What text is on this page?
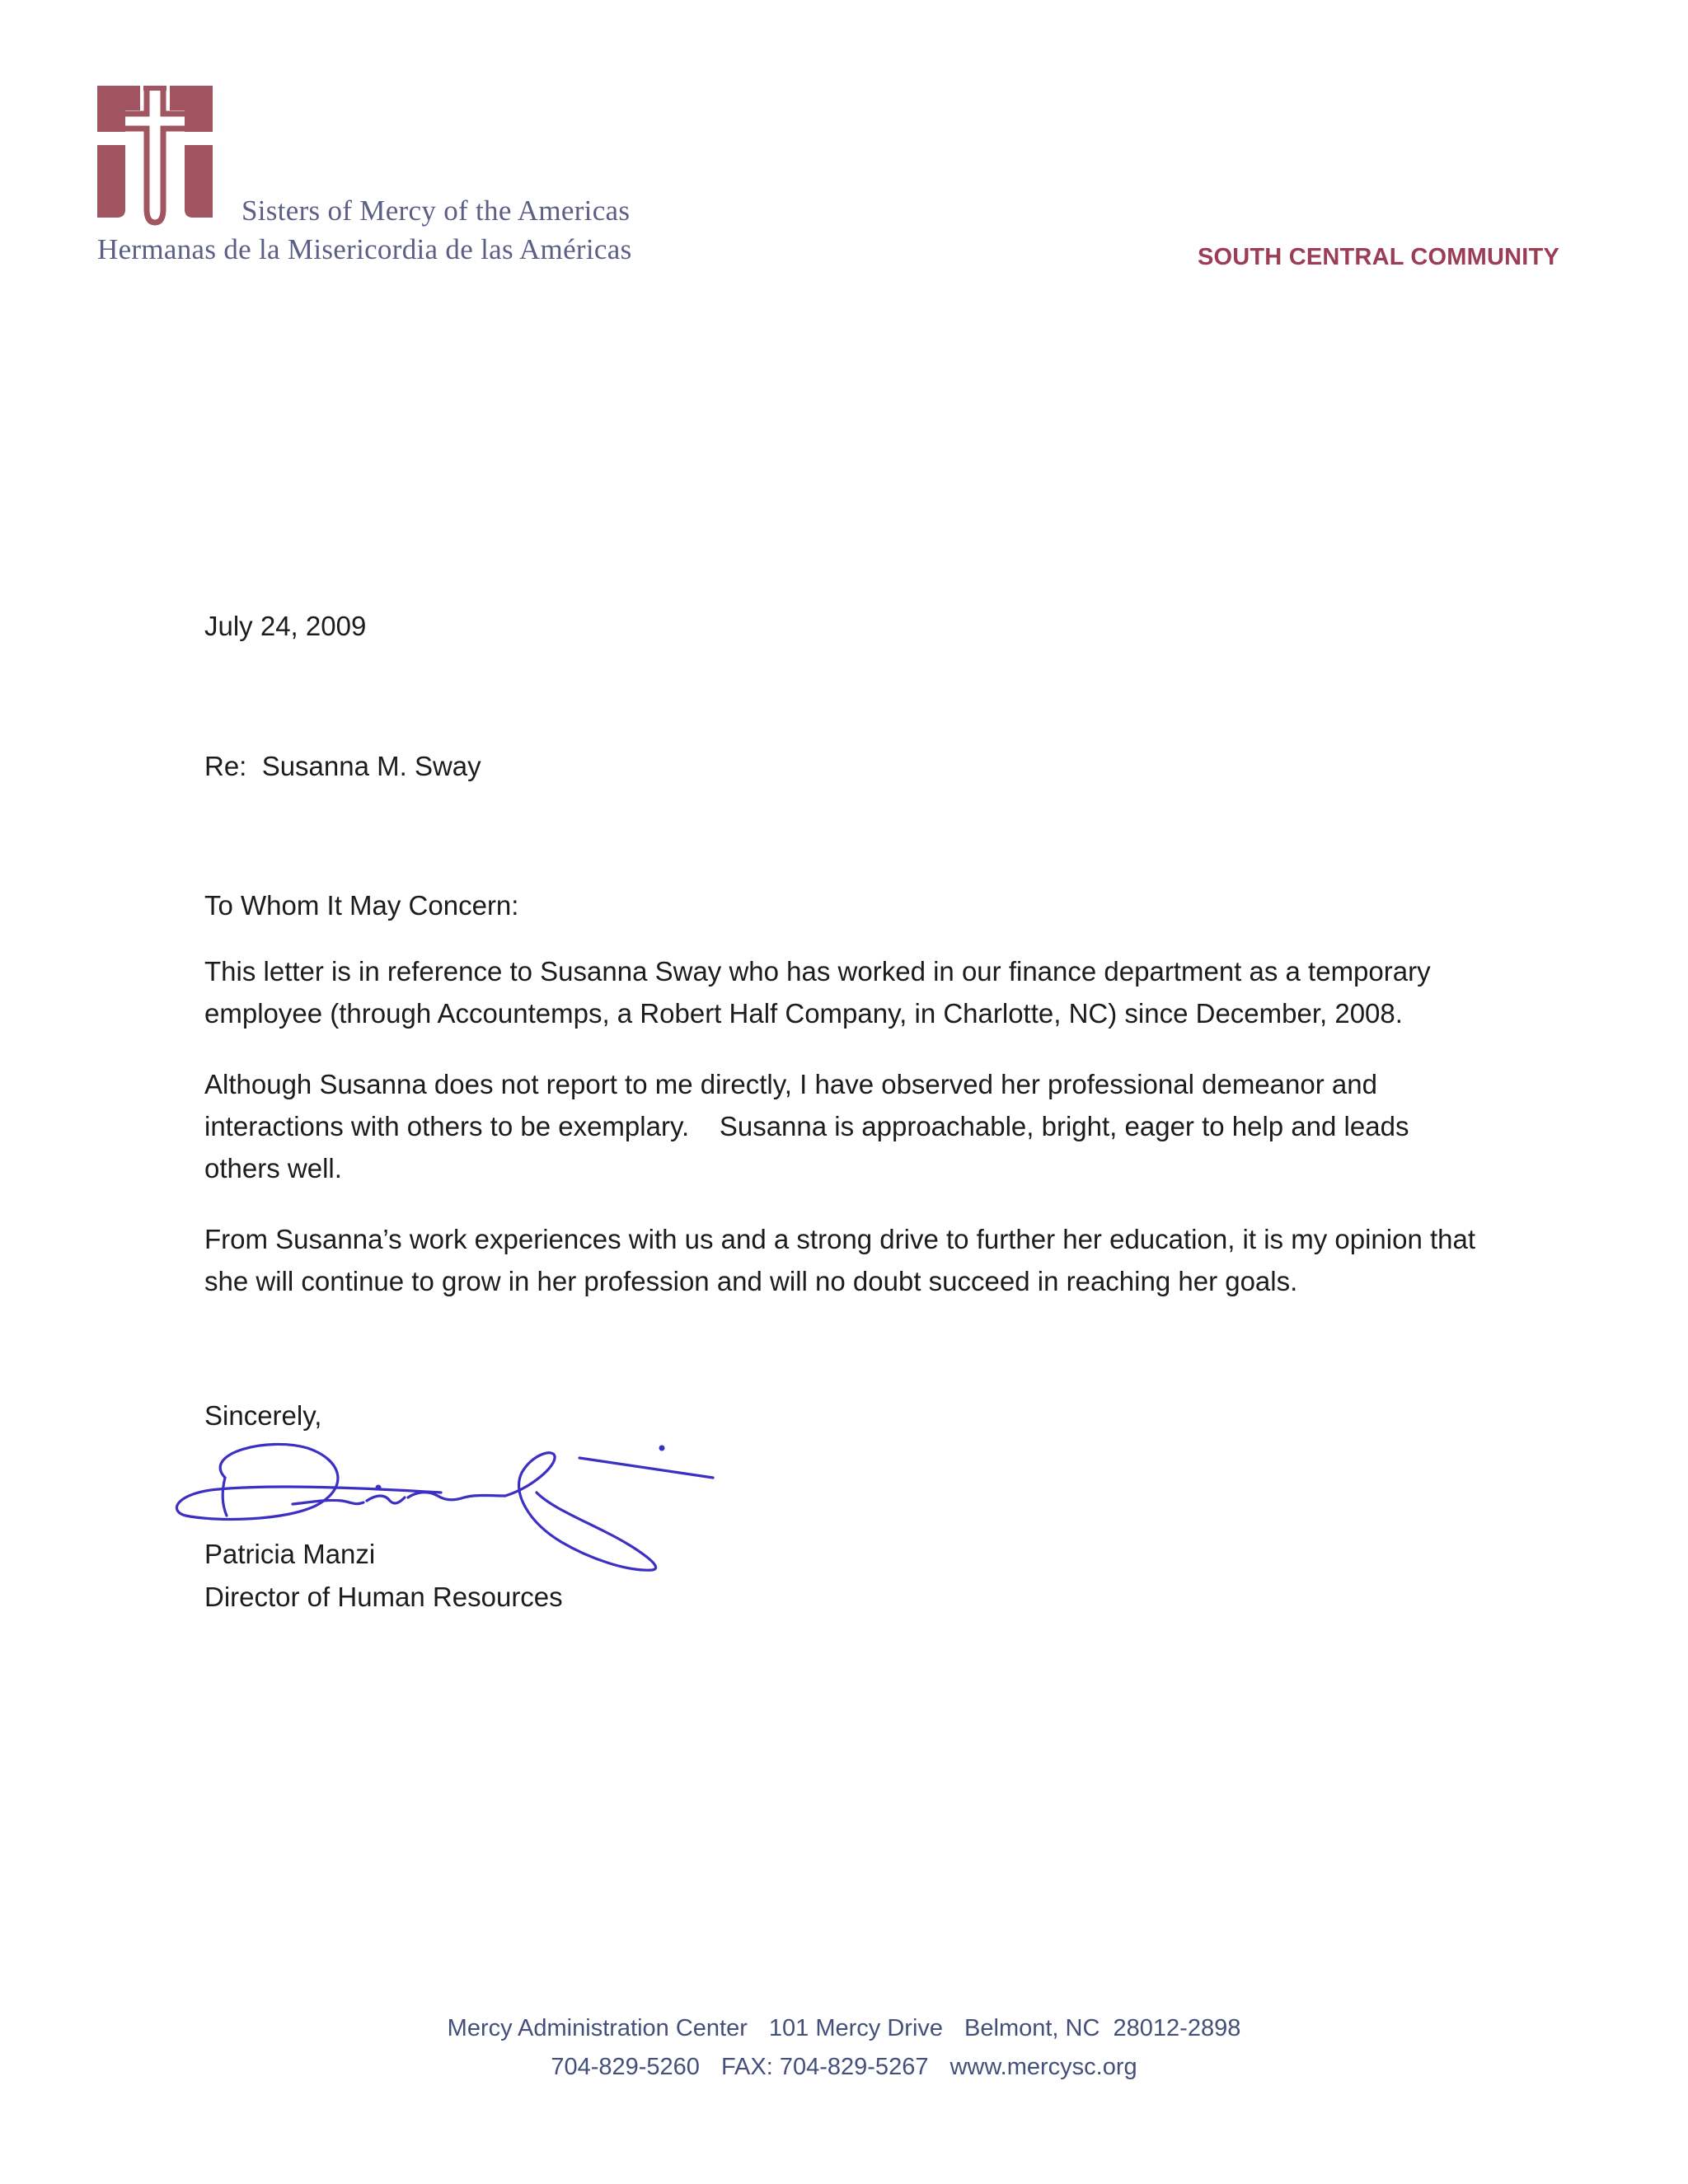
Sisters of Mercy of the Americas
Hermanas de la Misericordia de las Américas	SOUTH CENTRAL COMMUNITY
July 24, 2009
Re:  Susanna M. Sway
To Whom It May Concern:

This letter is in reference to Susanna Sway who has worked in our finance department as a temporary employee (through Accountemps, a Robert Half Company, in Charlotte, NC) since December, 2008.

Although Susanna does not report to me directly, I have observed her professional demeanor and interactions with others to be exemplary.    Susanna is approachable, bright, eager to help and leads others well.

From Susanna’s work experiences with us and a strong drive to further her education, it is my opinion that she will continue to grow in her profession and will no doubt succeed in reaching her goals.

Sincerely,
Patricia Manzi
Director of Human Resources
Mercy Administration Center 101 Mercy Drive Belmont, NC  28012-2898
704-829-5260 FAX: 704-829-5267 www.mercysc.org
